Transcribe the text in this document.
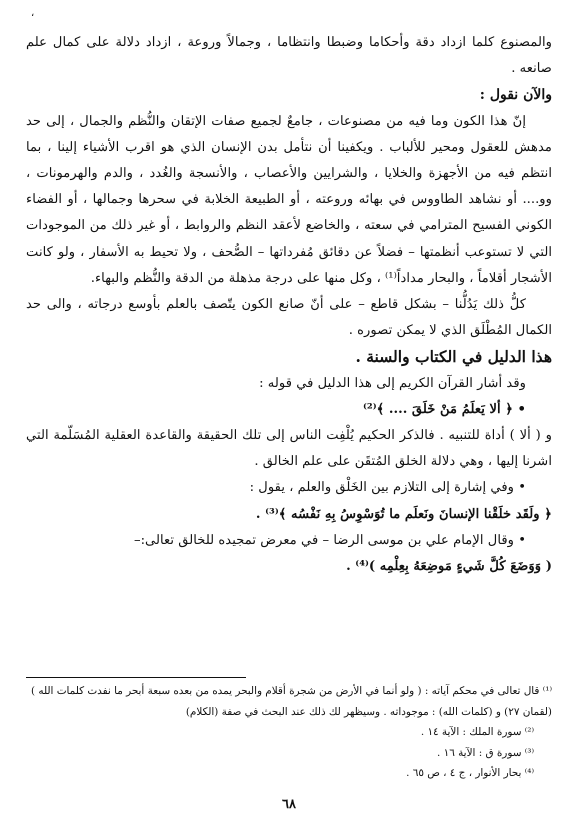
،

والمصنوع كلما ازداد دقة وأحكاما وضبطا وانتظاما ، وجمالاً وروعة ، ازداد دلالة على كمال علم صانعه .

والآن نقول :

إنّ هذا الكون وما فيه من مصنوعات ، جامعٌ لجميع صفات الإتقان والنُّظم والجمال ، إلى حد مدهش للعقول ومحير للألباب . ويكفينا أن نتأمل بدن الإنسان الذي هو اقرب الأشياء إلينا ، بما انتظم فيه من الأجهزة والخلايا ، والشرايين والأعصاب ، والأنسجة والغُدد ، والدم والهرمونات ، وو.... أو نشاهد الطاووس في بهائه وروعته ، أو الطبيعة الخلابة في سحرها وجمالها ، أو الفضاء الكوني الفسيح المترامي في سعته ، والخاضع لأعقد النظم والروابط ، أو غير ذلك من الموجودات التي لا تستوعب أنظمتها – فضلاً عن دقائق مُفرداتها – الصُّحف ، ولا تحيط به الأسفار ، ولو كانت الأشجار أقلاماً ، والبحار مداداً⁽¹⁾ ، وكل منها على درجة مذهلة من الدقة والنُّظم والبهاء.

كلُّ ذلك يَدُلُّنا – بشكل قاطع – على أنّ صانع الكون يتّصف بالعلم بأوسع درجاته ، والى حد الكمال المُطْلَق الذي لا يمكن تصوره .

هذا الدليل في الكتاب والسنة .

وقد أشار القرآن الكريم إلى هذا الدليل في قوله :

• ﴿ ألا يَعلَمُ مَنْ خَلَقَ .... ﴾⁽²⁾

و ( ألا ) أداة للتنبيه . فالذكر الحكيم يُلْفِت الناس إلى تلك الحقيقة والقاعدة العقلية المُسَلّمة التي اشرنا إليها ، وهي دلالة الخلق المُتقَن على علم الخالق .

• وفي إشارة إلى التلازم بين الخَلْق والعلم ، يقول :

﴿ ولَقَد خلَقْنا الإنسانَ ونَعلَم ما تُوَسْوِسُ بِهِ نَفْسُه ﴾⁽³⁾ .

• وقال الإمام علي بن موسى الرضا – في معرض تمجيده للخالق تعالى:–

( وَوَضَعَ كُلَّ شَيءٍ مَوضِعَهُ بِعِلْمِه )⁽⁴⁾ .

⁽¹⁾ قال تعالى في محكم آياته : ( ولو أنما في الأرض من شجرة أقلام والبحر يمده من بعده سبعة أبحر ما نفدت كلمات الله ) (لقمان ٢٧) و (كلمات الله) : موجوداته . وسيظهر لك ذلك عند البحث في صفة (الكلام)

⁽²⁾ سورة الملك : الآية ١٤ .

⁽³⁾ سورة ق : الآية ١٦ .

⁽⁴⁾ بحار الأنوار ، ج ٤ ، ص ٦٥ .

٦٨
